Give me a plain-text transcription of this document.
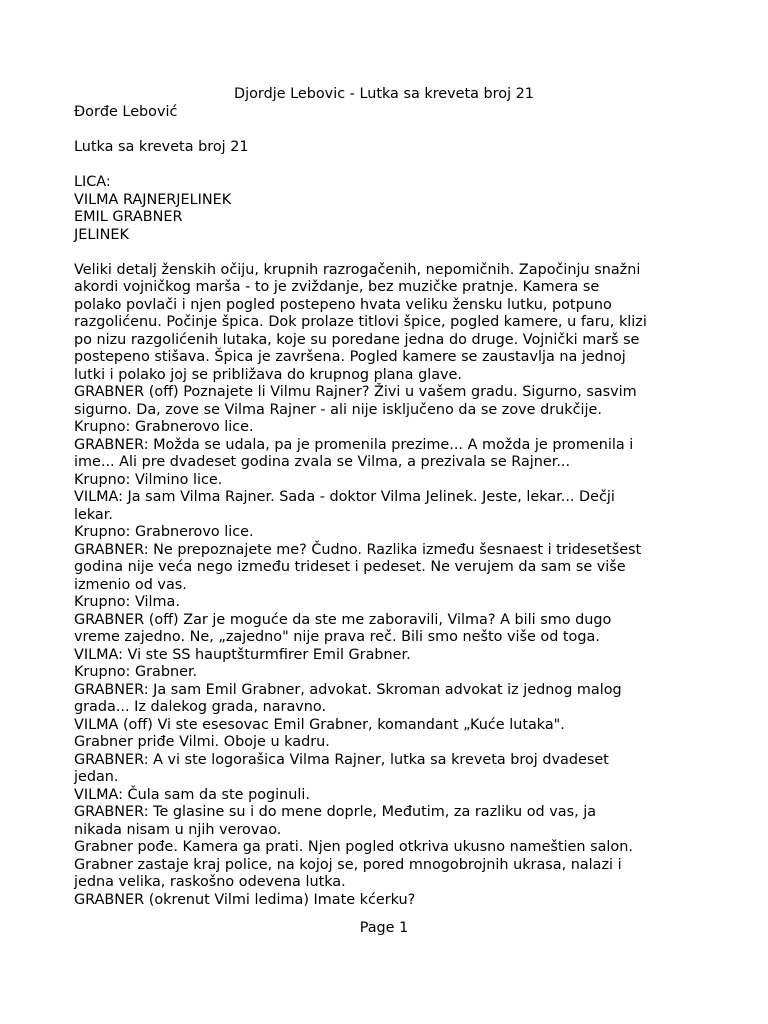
Djordje Lebovic - Lutka sa kreveta broj 21

Đorđe Lebović

Lutka sa kreveta broj 21

LICA:

VILMA RAJNERJELINEK

EMIL GRABNER

JELINEK

Veliki detalj ženskih očiju, krupnih razrogačenih, nepomičnih. Započinju snažni

akordi vojničkog marša - to je zviždanje, bez muzičke pratnje. Kamera se

polako povlači i njen pogled postepeno hvata veliku žensku lutku, potpuno

razgolićenu. Počinje špica. Dok prolaze titlovi špice, pogled kamere, u faru, klizi

po nizu razgolićenih lutaka, koje su poredane jedna do druge. Vojnički marš se

postepeno stišava. Špica je završena. Pogled kamere se zaustavlja na jednoj

lutki i polako joj se približava do krupnog plana glave.

GRABNER (off) Poznajete li Vilmu Rajner? Živi u vašem gradu. Sigurno, sasvim

sigurno. Da, zove se Vilma Rajner - ali nije isključeno da se zove drukčije.

Krupno: Grabnerovo lice.

GRABNER: Možda se udala, pa je promenila prezime... A možda je promenila i

ime... Ali pre dvadeset godina zvala se Vilma, a prezivala se Rajner...

Krupno: Vilmino lice.

VILMA: Ja sam Vilma Rajner. Sada - doktor Vilma Jelinek. Jeste, lekar... Dečji

lekar.

Krupno: Grabnerovo lice.

GRABNER: Ne prepoznajete me? Čudno. Razlika između šesnaest i tridesetšest

godina nije veća nego između trideset i pedeset. Ne verujem da sam se više

izmenio od vas.

Krupno: Vilma.

GRABNER (off) Zar je moguće da ste me zaboravili, Vilma? A bili smo dugo

vreme zajedno. Ne, „zajedno" nije prava reč. Bili smo nešto više od toga.

VILMA: Vi ste SS hauptšturmfirer Emil Grabner.

Krupno: Grabner.

GRABNER: Ja sam Emil Grabner, advokat. Skroman advokat iz jednog malog

grada... Iz dalekog grada, naravno.

VILMA (off) Vi ste esesovac Emil Grabner, komandant „Kuće lutaka".

Grabner priđe Vilmi. Oboje u kadru.

GRABNER: A vi ste logorašica Vilma Rajner, lutka sa kreveta broj dvadeset

jedan.

VILMA: Čula sam da ste poginuli.

GRABNER: Te glasine su i do mene doprle, Međutim, za razliku od vas, ja

nikada nisam u njih verovao.

Grabner pođe. Kamera ga prati. Njen pogled otkriva ukusno nameštien salon.

Grabner zastaje kraj police, na kojoj se, pored mnogobrojnih ukrasa, nalazi i

jedna velika, raskošno odevena lutka.

GRABNER (okrenut Vilmi ledima) Imate kćerku?

Page 1
